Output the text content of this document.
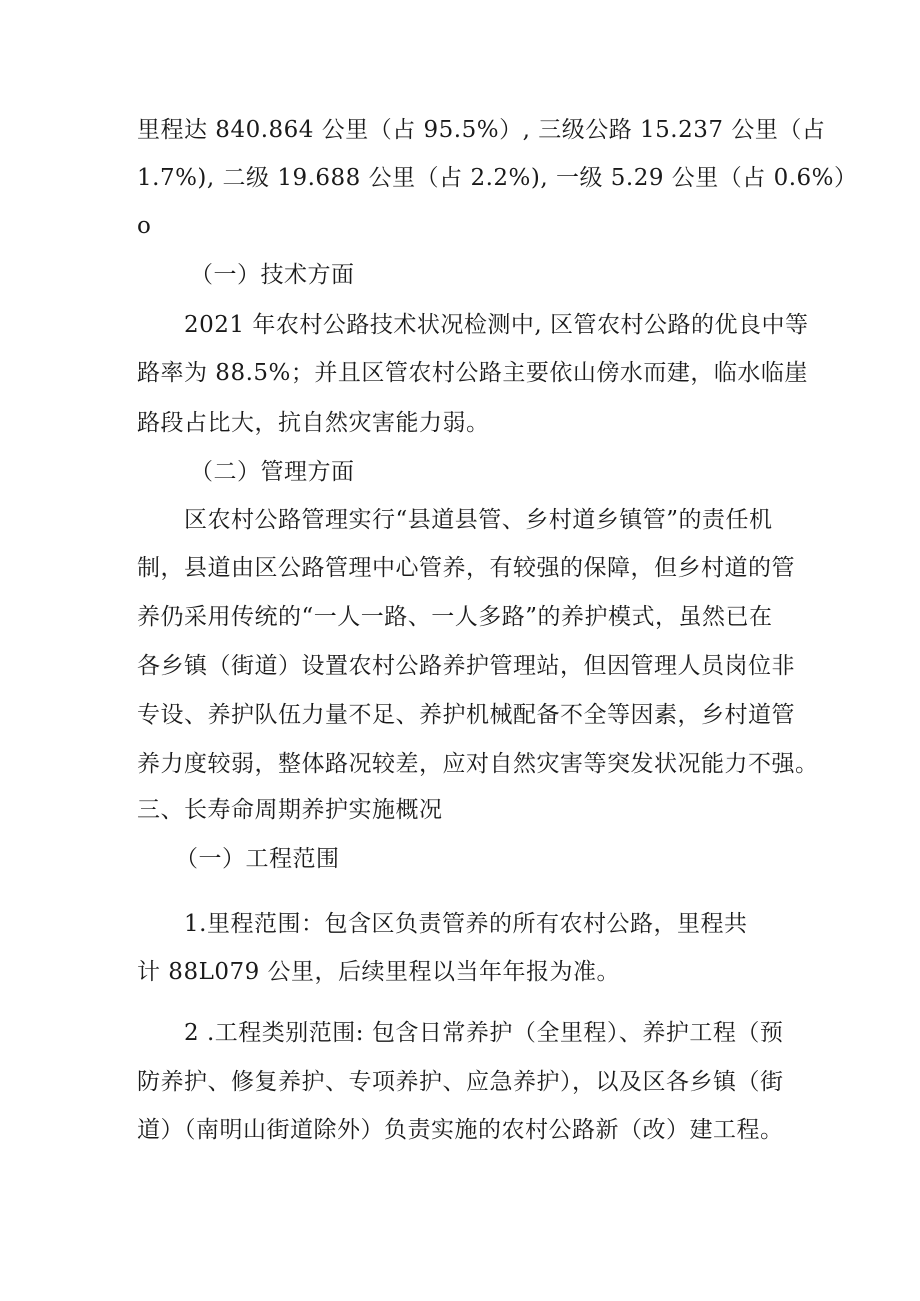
里程达 840.864 公里（占 95.5%）, 三级公路 15.237 公里（占
1.7%), 二级 19.688 公里（占 2.2%), 一级 5.29 公里（占 0.6%）
o
（一）技术方面
2021 年农村公路技术状况检测中, 区管农村公路的优良中等
路率为 88.5%；并且区管农村公路主要依山傍水而建，临水临崖
路段占比大，抗自然灾害能力弱。
（二）管理方面
区农村公路管理实行“县道县管、乡村道乡镇管”的责任机
制，县道由区公路管理中心管养，有较强的保障，但乡村道的管
养仍采用传统的“一人一路、一人多路”的养护模式，虽然已在
各乡镇（街道）设置农村公路养护管理站，但因管理人员岗位非
专设、养护队伍力量不足、养护机械配备不全等因素，乡村道管
养力度较弱，整体路况较差，应对自然灾害等突发状况能力不强。
三、长寿命周期养护实施概况
（一）工程范围
1.里程范围：包含区负责管养的所有农村公路，里程共
计 88L079 公里，后续里程以当年年报为准。
2 .工程类别范围: 包含日常养护（全里程）、养护工程（预
防养护、修复养护、专项养护、应急养护），以及区各乡镇（街
道）（南明山街道除外）负责实施的农村公路新（改）建工程。
